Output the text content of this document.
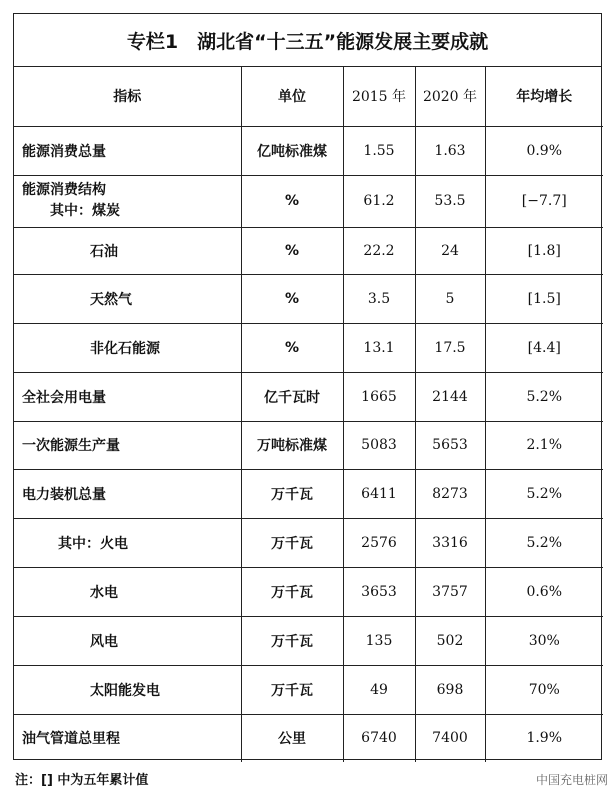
专栏1　湖北省“十三五”能源发展主要成就
指标	单位	2015 年	2020 年	年均增长
能源消费总量	亿吨标准煤	1.55	1.63	0.9%

能源消费结构
其中：煤炭	%	61.2	53.5	[−7.7]
石油	%	22.2	24	[1.8]
天然气	%	3.5	5	[1.5]
非化石能源	%	13.1	17.5	[4.4]
全社会用电量	亿千瓦时	1665	2144	5.2%
一次能源生产量	万吨标准煤	5083	5653	2.1%
电力装机总量	万千瓦	6411	8273	5.2%
其中：火电	万千瓦	2576	3316	5.2%
水电	万千瓦	3653	3757	0.6%
风电	万千瓦	135	502	30%
太阳能发电	万千瓦	49	698	70%
油气管道总里程	公里	6740	7400	1.9%
注：[] 中为五年累计值	中国充电桩网
